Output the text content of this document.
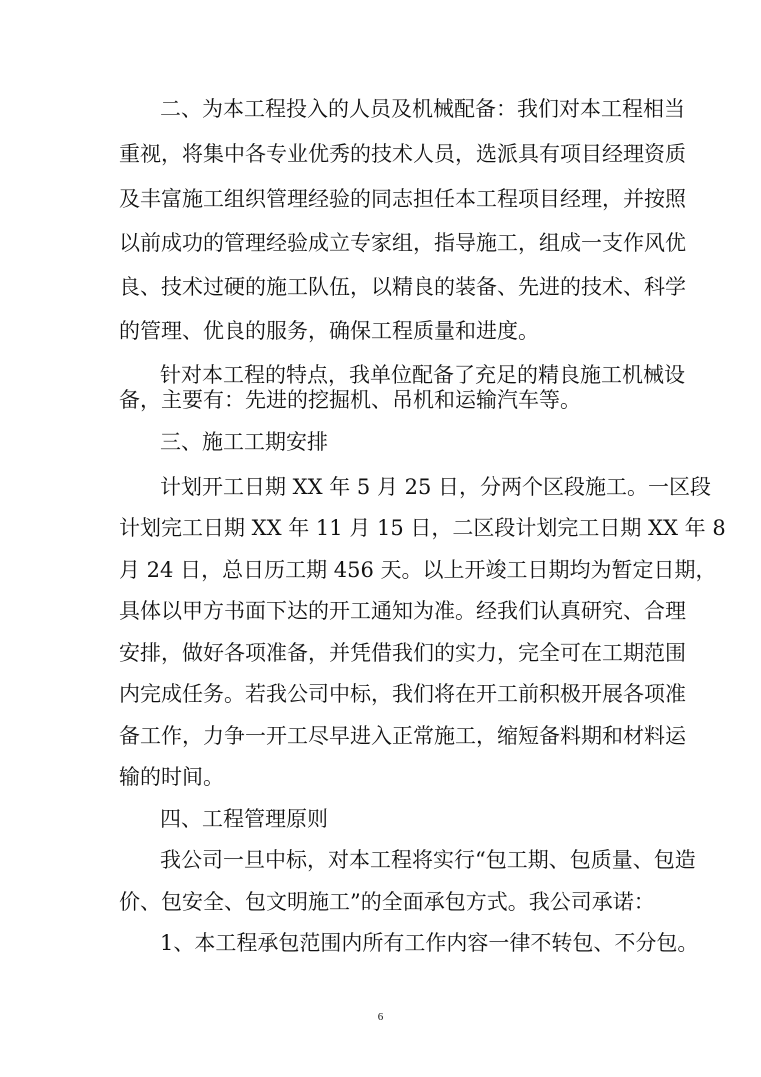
二、为本工程投入的人员及机械配备：我们对本工程相当
重视，将集中各专业优秀的技术人员，选派具有项目经理资质
及丰富施工组织管理经验的同志担任本工程项目经理，并按照
以前成功的管理经验成立专家组，指导施工，组成一支作风优
良、技术过硬的施工队伍，以精良的装备、先进的技术、科学
的管理、优良的服务，确保工程质量和进度。
针对本工程的特点，我单位配备了充足的精良施工机械设
备，主要有：先进的挖掘机、吊机和运输汽车等。
三、施工工期安排
计划开工日期 XX 年 5 月 25 日，分两个区段施工。一区段
计划完工日期 XX 年 11 月 15 日，二区段计划完工日期 XX 年 8
月 24 日，总日历工期 456 天。以上开竣工日期均为暂定日期，
具体以甲方书面下达的开工通知为准。经我们认真研究、合理
安排，做好各项准备，并凭借我们的实力，完全可在工期范围
内完成任务。若我公司中标，我们将在开工前积极开展各项准
备工作，力争一开工尽早进入正常施工，缩短备料期和材料运
输的时间。
四、工程管理原则
我公司一旦中标，对本工程将实行“包工期、包质量、包造
价、包安全、包文明施工”的全面承包方式。我公司承诺：
1、本工程承包范围内所有工作内容一律不转包、不分包。
6
